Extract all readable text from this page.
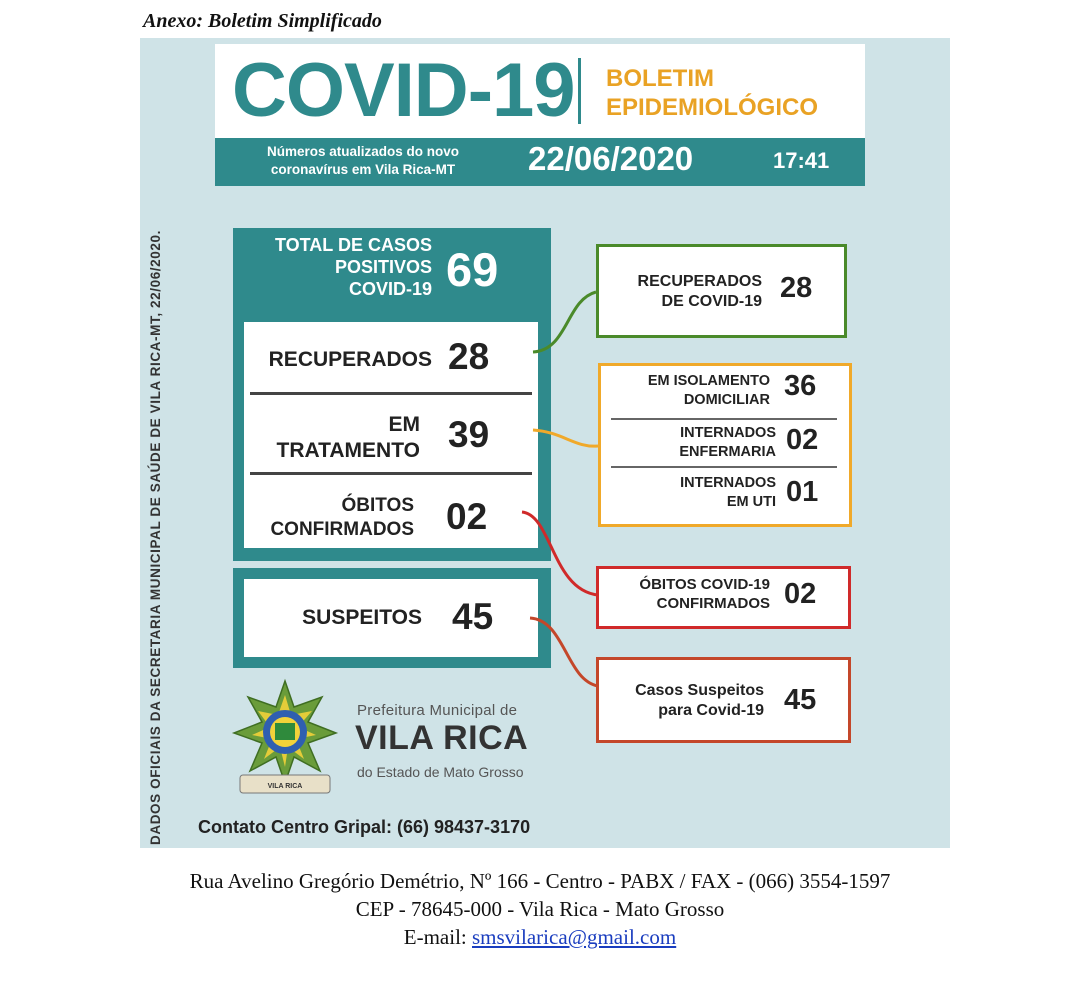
Anexo: Boletim Simplificado
DADOS OFICIAIS DA SECRETARIA MUNICIPAL DE SAÚDE DE VILA RICA-MT, 22/06/2020.
COVID-19 BOLETIM
EPIDEMIOLÓGICO
Números atualizados do novo
coronavírus em Vila Rica-MT	22/06/2020	17:41
TOTAL DE CASOS
POSITIVOS
COVID-19 69
RECUPERADOS 28
EM
TRATAMENTO 39
ÓBITOS
CONFIRMADOS 02
SUSPEITOS 45
RECUPERADOS
DE COVID-19 28
EM ISOLAMENTO
DOMICILIAR 36
INTERNADOS
ENFERMARIA 02
INTERNADOS
EM UTI 01
ÓBITOS COVID-19
CONFIRMADOS 02
Casos Suspeitos
para Covid-19 45
VILA RICA
Prefeitura Municipal de
VILA RICA
do Estado de Mato Grosso
Contato Centro Gripal: (66) 98437-3170
Rua Avelino Gregório Demétrio, Nº 166 - Centro - PABX / FAX - (066) 3554-1597
CEP - 78645-000 - Vila Rica - Mato Grosso
E-mail: smsvilarica@gmail.com
